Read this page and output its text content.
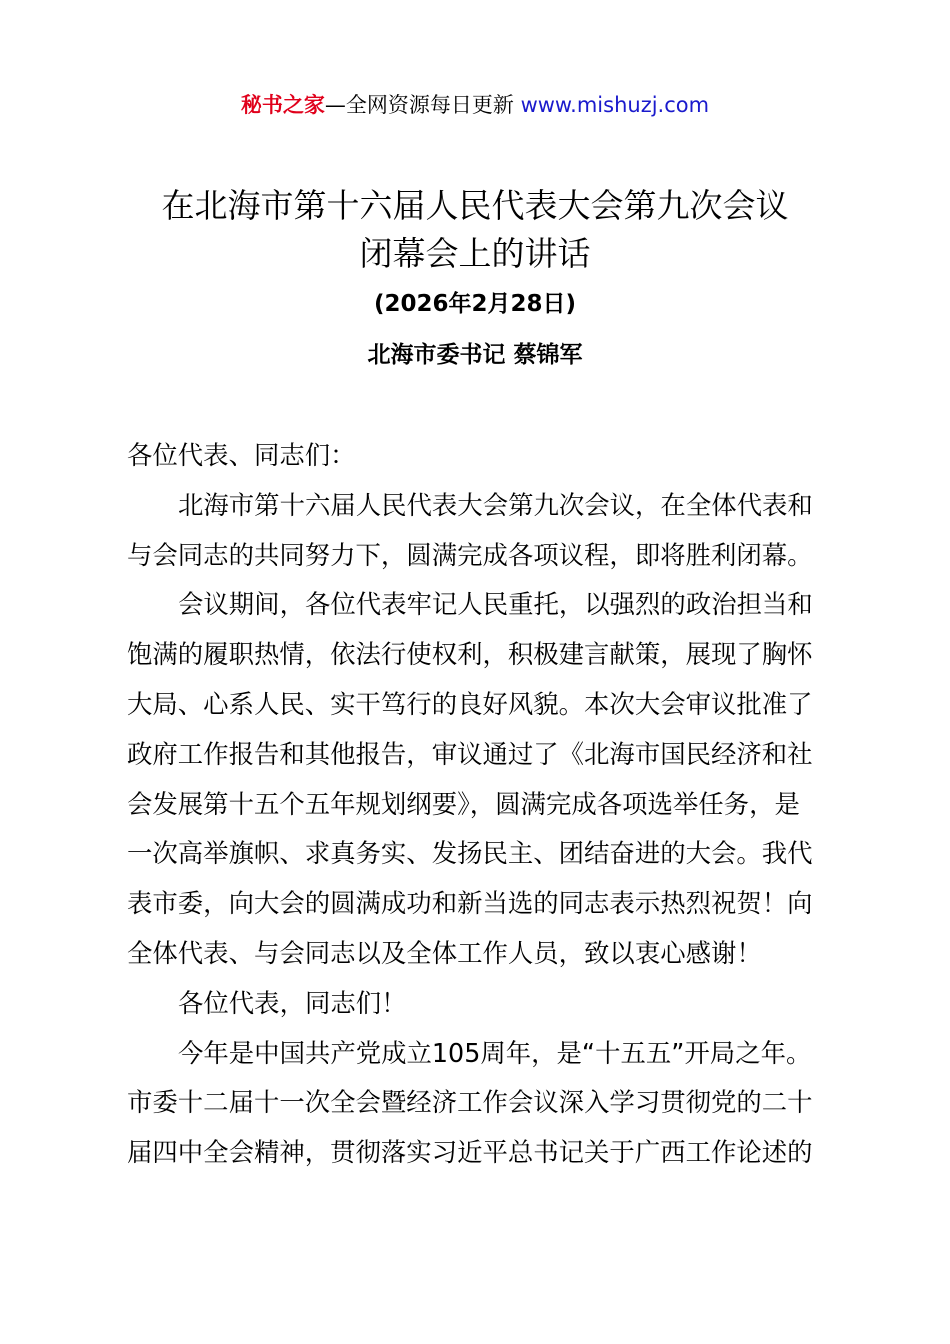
秘书之家—全网资源每日更新 www.mishuzj.com
在北海市第十六届人民代表大会第九次会议
闭幕会上的讲话
(2026年2月28日)
北海市委书记 蔡锦军
各位代表、同志们：
北海市第十六届人民代表大会第九次会议，在全体代表和
与会同志的共同努力下，圆满完成各项议程，即将胜利闭幕。
会议期间，各位代表牢记人民重托，以强烈的政治担当和
饱满的履职热情，依法行使权利，积极建言献策，展现了胸怀
大局、心系人民、实干笃行的良好风貌。本次大会审议批准了
政府工作报告和其他报告，审议通过了《北海市国民经济和社
会发展第十五个五年规划纲要》，圆满完成各项选举任务，是
一次高举旗帜、求真务实、发扬民主、团结奋进的大会。我代
表市委，向大会的圆满成功和新当选的同志表示热烈祝贺！向
全体代表、与会同志以及全体工作人员，致以衷心感谢！
各位代表，同志们！
今年是中国共产党成立105周年，是“十五五”开局之年。
市委十二届十一次全会暨经济工作会议深入学习贯彻党的二十
届四中全会精神，贯彻落实习近平总书记关于广西工作论述的
